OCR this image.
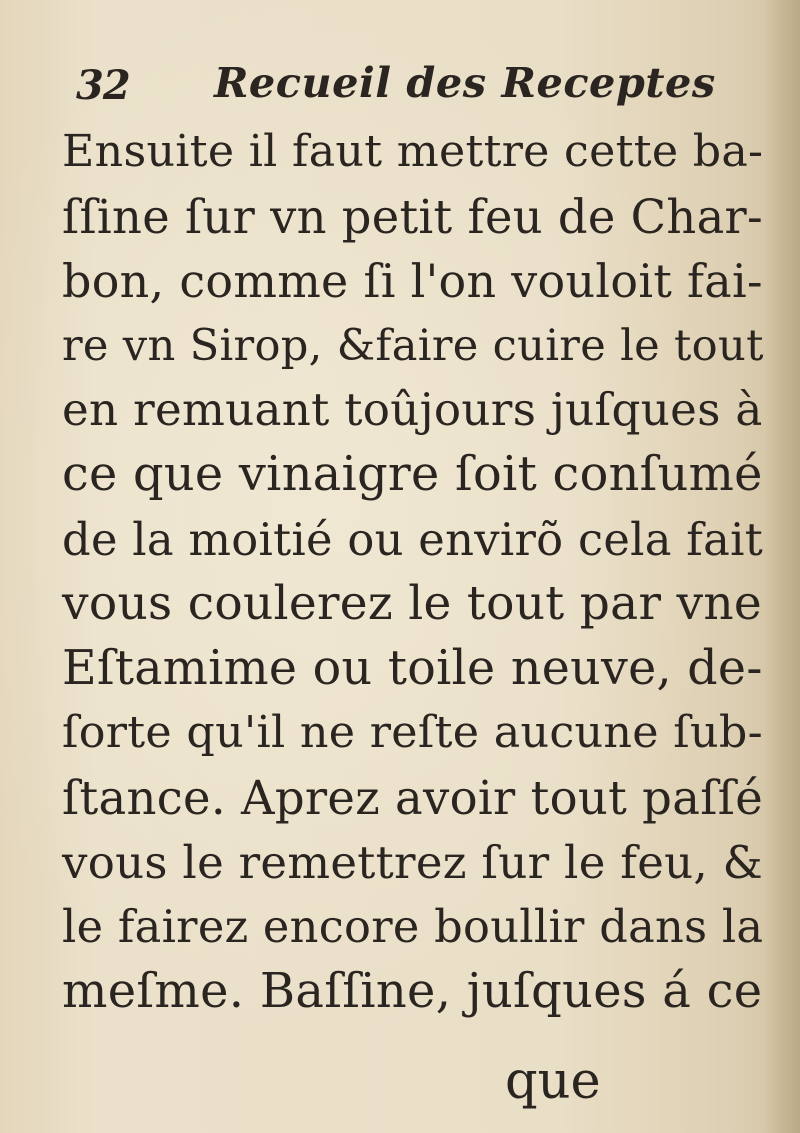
32 Recueil des Receptes
Ensuite il faut mettre cette ba-
ſſine ſur vn petit feu de Char-
bon, comme ſi l'on vouloit fai-
re vn Sirop, &faire cuire le tout
en remuant toûjours juſques à
ce que vinaigre ſoit conſumé
de la moitié ou envirõ cela fait
vous coulerez le tout par vne
Eſtamime ou toile neuve, de-
ſorte qu'il ne reſte aucune ſub-
ſtance. Aprez avoir tout paſſé
vous le remettrez ſur le feu, &
le fairez encore boullir dans la
meſme. Baſſine, juſques á ce
que
